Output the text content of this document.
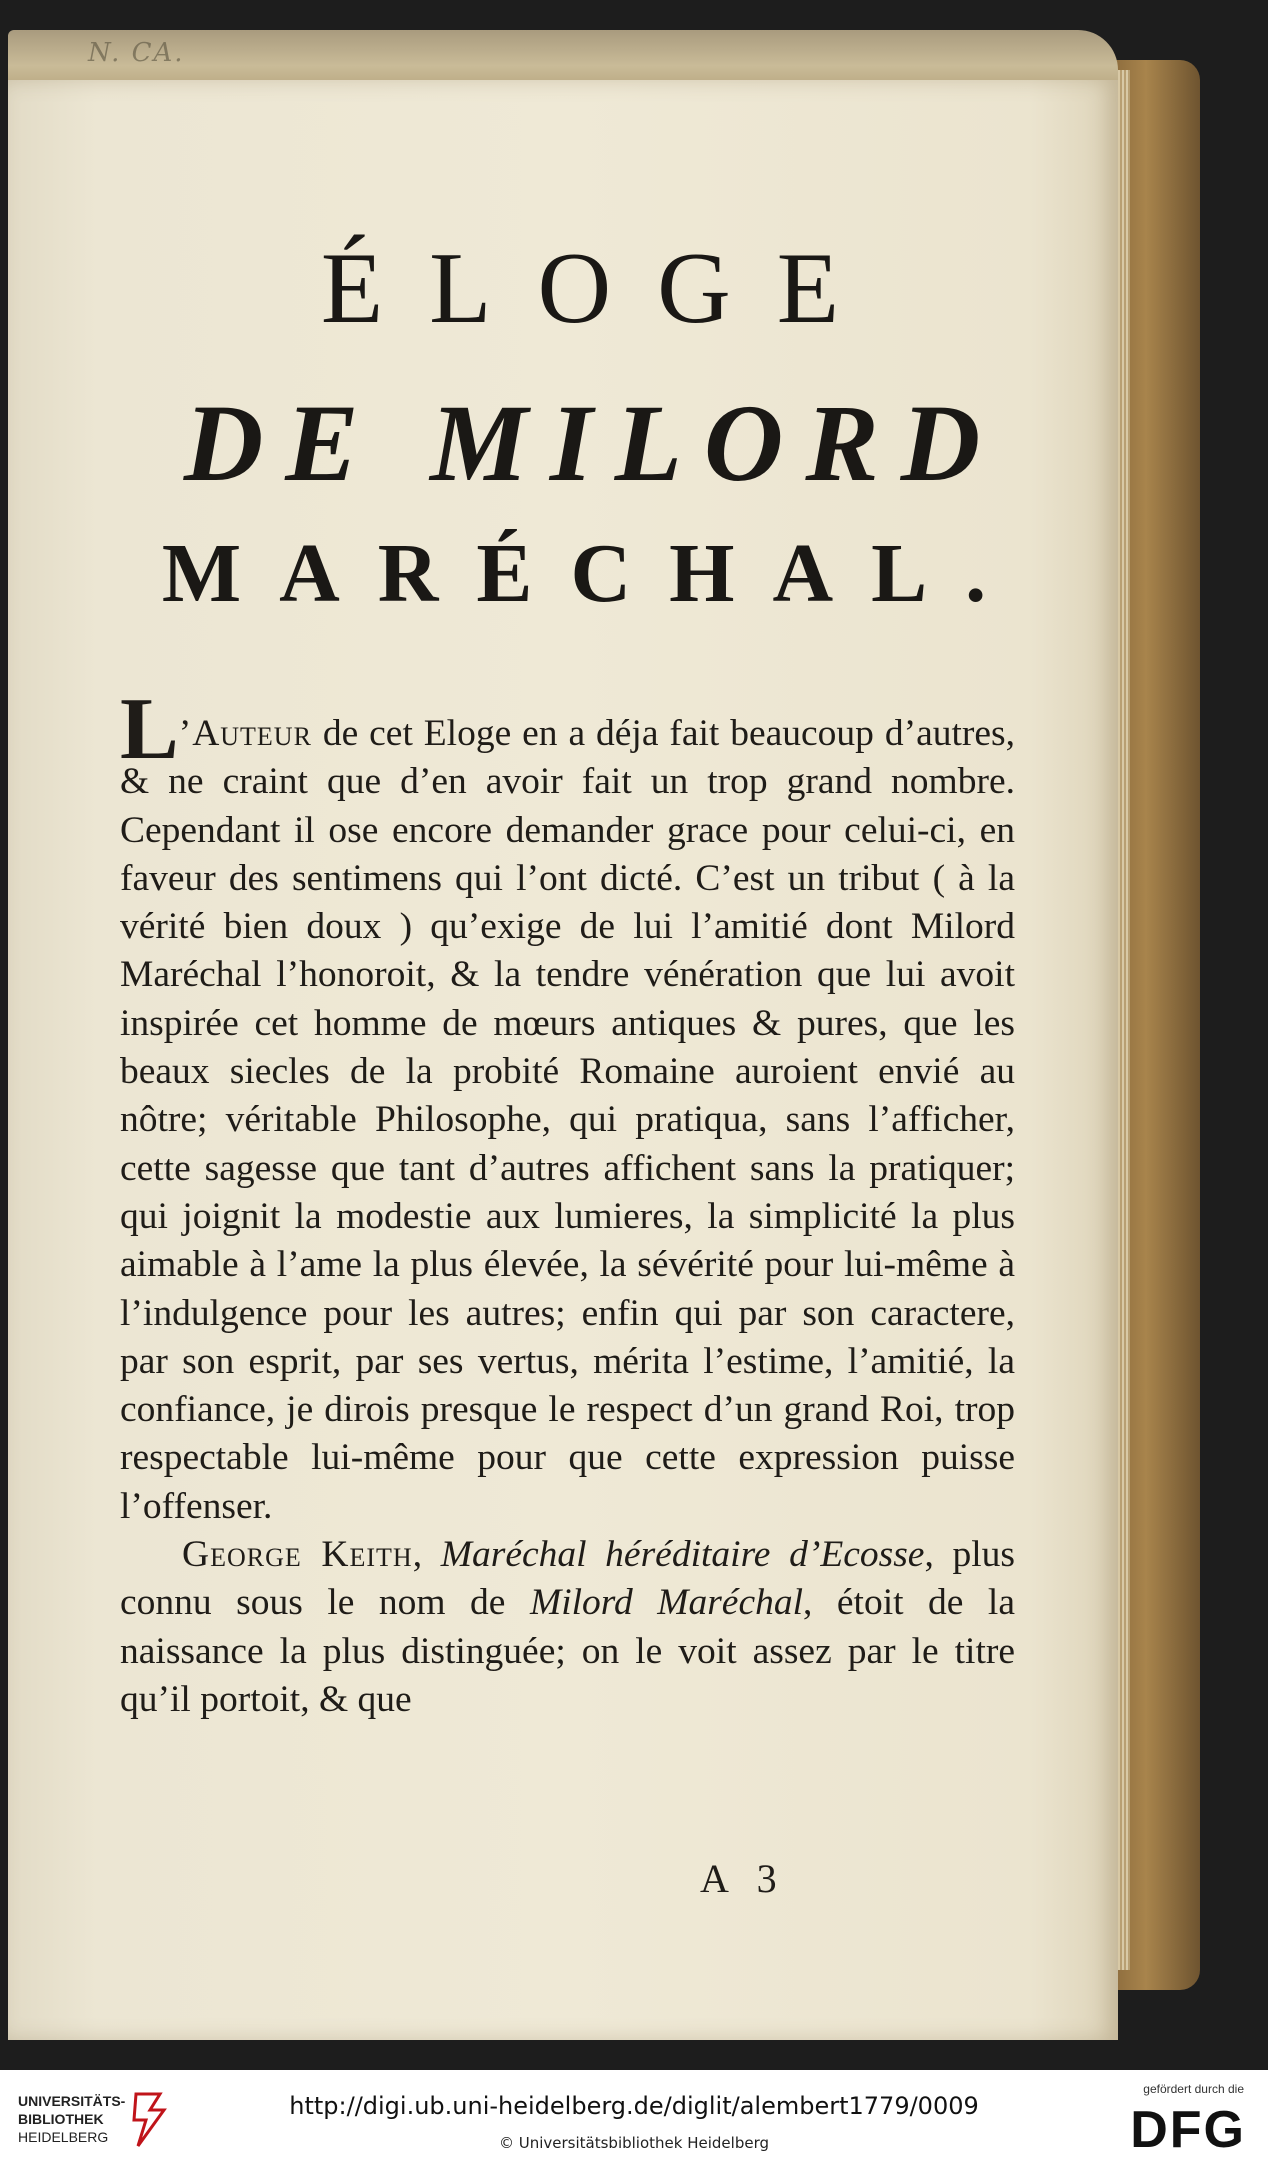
N. CA.
ÉLOGE
DE MILORD
MARÉCHAL.

L ’Auteur de cet Eloge en a déja fait beaucoup d’autres, & ne craint que d’en avoir fait un trop grand nombre. Cependant il ose encore demander grace pour celui-ci, en faveur des sentimens qui l’ont dicté. C’est un tribut ( à la vérité bien doux ) qu’exige de lui l’amitié dont Milord Maréchal l’honoroit, & la tendre vénération que lui avoit inspirée cet homme de mœurs antiques & pures, que les beaux siecles de la probité Romaine auroient envié au nôtre; véritable Philosophe, qui pratiqua, sans l’afficher, cette sagesse que tant d’autres affichent sans la pratiquer; qui joignit la modestie aux lumieres, la simplicité la plus aimable à l’ame la plus élevée, la sévérité pour lui-même à l’indulgence pour les autres; enfin qui par son caractere, par son esprit, par ses vertus, mérita l’estime, l’amitié, la confiance, je dirois presque le respect d’un grand Roi, trop respectable lui-même pour que cette expression puisse l’offenser.
George Keith, Maréchal héréditaire d’Ecosse, plus connu sous le nom de Milord Maréchal, étoit de la naissance la plus distinguée; on le voit assez par le titre qu’il portoit, & que

A 3
UNIVERSITÄTS-
BIBLIOTHEK
HEIDELBERG
http://digi.ub.uni-heidelberg.de/diglit/alembert1779/0009
© Universitätsbibliothek Heidelberg
gefördert durch die
DFG
